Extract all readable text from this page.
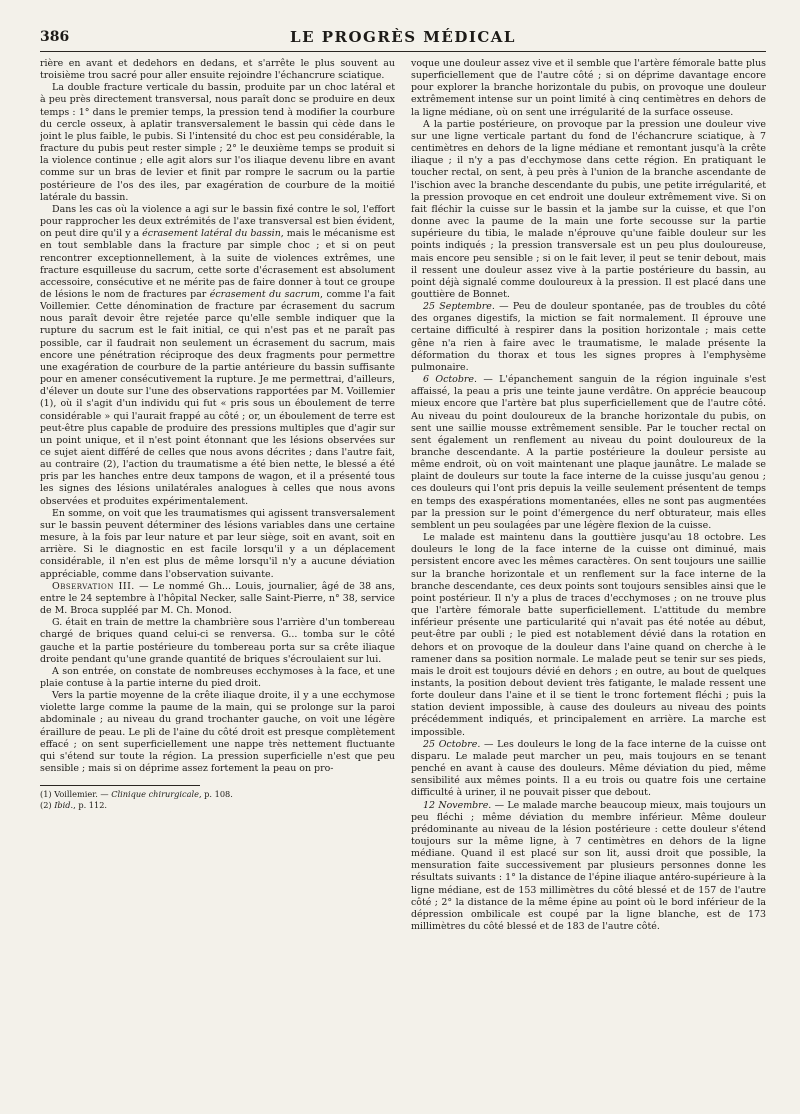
386	LE PROGRÈS MÉDICAL

rière en avant et dedehors en dedans, et s'arrête le plus souvent au troisième trou sacré pour aller ensuite rejoindre l'échancrure sciatique.

La double fracture verticale du bassin, produite par un choc latéral et à peu près directement transversal, nous paraît donc se produire en deux temps : 1° dans le premier temps, la pression tend à modifier la courbure du cercle osseux, à aplatir transversalement le bassin qui cède dans le joint le plus faible, le pubis. Si l'intensité du choc est peu considérable, la fracture du pubis peut rester simple ; 2° le deuxième temps se produit si la violence continue ; elle agit alors sur l'os iliaque devenu libre en avant comme sur un bras de levier et finit par rompre le sacrum ou la partie postérieure de l'os des iles, par exagération de courbure de la moitié latérale du bassin.

Dans les cas où la violence a agi sur le bassin fixé contre le sol, l'effort pour rapprocher les deux extrémités de l'axe transversal est bien évident, on peut dire qu'il y a écrasement latéral du bassin, mais le mécanisme est en tout semblable dans la fracture par simple choc ; et si on peut rencontrer exceptionnellement, à la suite de violences extrêmes, une fracture esquilleuse du sacrum, cette sorte d'écrasement est absolument accessoire, consécutive et ne mérite pas de faire donner à tout ce groupe de lésions le nom de fractures par écrasement du sacrum, comme l'a fait Voillemier. Cette dénomination de fracture par écrasement du sacrum nous paraît devoir être rejetée parce qu'elle semble indiquer que la rupture du sacrum est le fait initial, ce qui n'est pas et ne paraît pas possible, car il faudrait non seulement un écrasement du sacrum, mais encore une pénétration réciproque des deux fragments pour permettre une exagération de courbure de la partie antérieure du bassin suffisante pour en amener consécutivement la rupture. Je me permettrai, d'ailleurs, d'élever un doute sur l'une des observations rapportées par M. Voillemier (1), où il s'agit d'un individu qui fut « pris sous un éboulement de terre considérable » qui l'aurait frappé au côté ; or, un éboulement de terre est peut-être plus capable de produire des pressions multiples que d'agir sur un point unique, et il n'est point étonnant que les lésions observées sur ce sujet aient différé de celles que nous avons décrites ; dans l'autre fait, au contraire (2), l'action du traumatisme a été bien nette, le blessé a été pris par les hanches entre deux tampons de wagon, et il a présenté tous les signes des lésions unilatérales analogues à celles que nous avons observées et produites expérimentalement.

En somme, on voit que les traumatismes qui agissent transversalement sur le bassin peuvent déterminer des lésions variables dans une certaine mesure, à la fois par leur nature et par leur siège, soit en avant, soit en arrière. Si le diagnostic en est facile lorsqu'il y a un déplacement considérable, il n'en est plus de même lorsqu'il n'y a aucune déviation appréciable, comme dans l'observation suivante.

Observation III. — Le nommé Gh... Louis, journalier, âgé de 38 ans, entre le 24 septembre à l'hôpital Necker, salle Saint-Pierre, n° 38, service de M. Broca suppléé par M. Ch. Monod.

G. était en train de mettre la chambrière sous l'arrière d'un tombereau chargé de briques quand celui-ci se renversa. G... tomba sur le côté gauche et la partie postérieure du tombereau porta sur sa crête iliaque droite pendant qu'une grande quantité de briques s'écroulaient sur lui.

A son entrée, on constate de nombreuses ecchymoses à la face, et une plaie contuse à la partie interne du pied droit.

Vers la partie moyenne de la crête iliaque droite, il y a une ecchymose violette large comme la paume de la main, qui se prolonge sur la paroi abdominale ; au niveau du grand trochanter gauche, on voit une légère éraillure de peau. Le pli de l'aine du côté droit est presque complètement effacé ; on sent superficiellement une nappe très nettement fluctuante qui s'étend sur toute la région. La pression superficielle n'est que peu sensible ; mais si on déprime assez fortement la peau on pro-

(1) Voillemier. — Clinique chirurgicale, p. 108.
(2) Ibid., p. 112.

voque une douleur assez vive et il semble que l'artère fémorale batte plus superficiellement que de l'autre côté ; si on déprime davantage encore pour explorer la branche horizontale du pubis, on provoque une douleur extrêmement intense sur un point limité à cinq centimètres en dehors de la ligne médiane, où on sent une irrégularité de la surface osseuse.

A la partie postérieure, on provoque par la pression une douleur vive sur une ligne verticale partant du fond de l'échancrure sciatique, à 7 centimètres en dehors de la ligne médiane et remontant jusqu'à la crête iliaque ; il n'y a pas d'ecchymose dans cette région. En pratiquant le toucher rectal, on sent, à peu près à l'union de la branche ascendante de l'ischion avec la branche descendante du pubis, une petite irrégularité, et la pression provoque en cet endroit une douleur extrêmement vive. Si on fait fléchir la cuisse sur le bassin et la jambe sur la cuisse, et que l'on donne avec la paume de la main une forte secousse sur la partie supérieure du tibia, le malade n'éprouve qu'une faible douleur sur les points indiqués ; la pression transversale est un peu plus douloureuse, mais encore peu sensible ; si on le fait lever, il peut se tenir debout, mais il ressent une douleur assez vive à la partie postérieure du bassin, au point déjà signalé comme douloureux à la pression. Il est placé dans une gouttière de Bonnet.

25 Septembre. — Peu de douleur spontanée, pas de troubles du côté des organes digestifs, la miction se fait normalement. Il éprouve une certaine difficulté à respirer dans la position horizontale ; mais cette gêne n'a rien à faire avec le traumatisme, le malade présente la déformation du thorax et tous les signes propres à l'emphysème pulmonaire.

6 Octobre. — L'épanchement sanguin de la région inguinale s'est affaissé, la peau a pris une teinte jaune verdâtre. On apprécie beaucoup mieux encore que l'artère bat plus superficiellement que de l'autre côté. Au niveau du point douloureux de la branche horizontale du pubis, on sent une saillie mousse extrêmement sensible. Par le toucher rectal on sent également un renflement au niveau du point douloureux de la branche descendante. A la partie postérieure la douleur persiste au même endroit, où on voit maintenant une plaque jaunâtre. Le malade se plaint de douleurs sur toute la face interne de la cuisse jusqu'au genou ; ces douleurs qui l'ont pris depuis la veille seulement présentent de temps en temps des exaspérations momentanées, elles ne sont pas augmentées par la pression sur le point d'émergence du nerf obturateur, mais elles semblent un peu soulagées par une légère flexion de la cuisse.

Le malade est maintenu dans la gouttière jusqu'au 18 octobre. Les douleurs le long de la face interne de la cuisse ont diminué, mais persistent encore avec les mêmes caractères. On sent toujours une saillie sur la branche horizontale et un renflement sur la face interne de la branche descendante, ces deux points sont toujours sensibles ainsi que le point postérieur. Il n'y a plus de traces d'ecchymoses ; on ne trouve plus que l'artère fémorale batte superficiellement. L'attitude du membre inférieur présente une particularité qui n'avait pas été notée au début, peut-être par oubli ; le pied est notablement dévié dans la rotation en dehors et on provoque de la douleur dans l'aine quand on cherche à le ramener dans sa position normale. Le malade peut se tenir sur ses pieds, mais le droit est toujours dévié en dehors ; en outre, au bout de quelques instants, la position debout devient très fatigante, le malade ressent une forte douleur dans l'aine et il se tient le tronc fortement fléchi ; puis la station devient impossible, à cause des douleurs au niveau des points précédemment indiqués, et principalement en arrière. La marche est impossible.

25 Octobre. — Les douleurs le long de la face interne de la cuisse ont disparu. Le malade peut marcher un peu, mais toujours en se tenant penché en avant à cause des douleurs. Même déviation du pied, même sensibilité aux mêmes points. Il a eu trois ou quatre fois une certaine difficulté à uriner, il ne pouvait pisser que debout.

12 Novembre. — Le malade marche beaucoup mieux, mais toujours un peu fléchi ; même déviation du membre inférieur. Même douleur prédominante au niveau de la lésion postérieure : cette douleur s'étend toujours sur la même ligne, à 7 centimètres en dehors de la ligne médiane. Quand il est placé sur son lit, aussi droit que possible, la mensuration faite successivement par plusieurs personnes donne les résultats suivants : 1° la distance de l'épine iliaque antéro-supérieure à la ligne médiane, est de 153 millimètres du côté blessé et de 157 de l'autre côté ; 2° la distance de la même épine au point où le bord inférieur de la dépression ombilicale est coupé par la ligne blanche, est de 173 millimètres du côté blessé et de 183 de l'autre côté.
